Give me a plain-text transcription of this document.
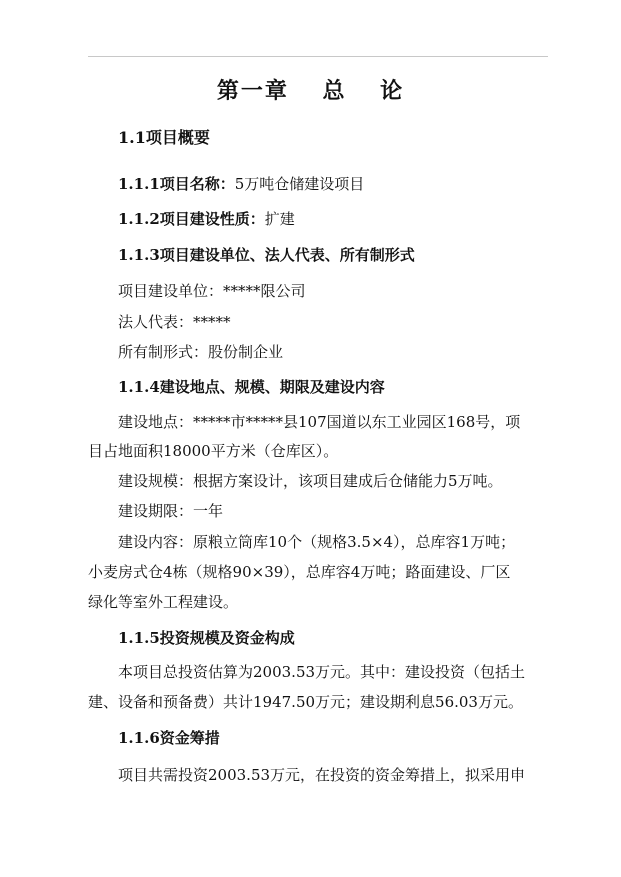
第一章　 总　 论
1.1项目概要
1.1.1项目名称：5万吨仓储建设项目
1.1.2项目建设性质：扩建
1.1.3项目建设单位、法人代表、所有制形式
项目建设单位：*****限公司
法人代表：*****
所有制形式：股份制企业
1.1.4建设地点、规模、期限及建设内容
建设地点：*****市*****县107国道以东工业园区168号，项
目占地面积18000平方米（仓库区）。
建设规模：根据方案设计，该项目建成后仓储能力5万吨。
建设期限：一年
建设内容：原粮立筒库10个（规格3.5×4），总库容1万吨；
小麦房式仓4栋（规格90×39），总库容4万吨；路面建设、厂区
绿化等室外工程建设。
1.1.5投资规模及资金构成
本项目总投资估算为2003.53万元。其中：建设投资（包括土
建、设备和预备费）共计1947.50万元；建设期利息56.03万元。
1.1.6资金筹措
项目共需投资2003.53万元，在投资的资金筹措上，拟采用申
